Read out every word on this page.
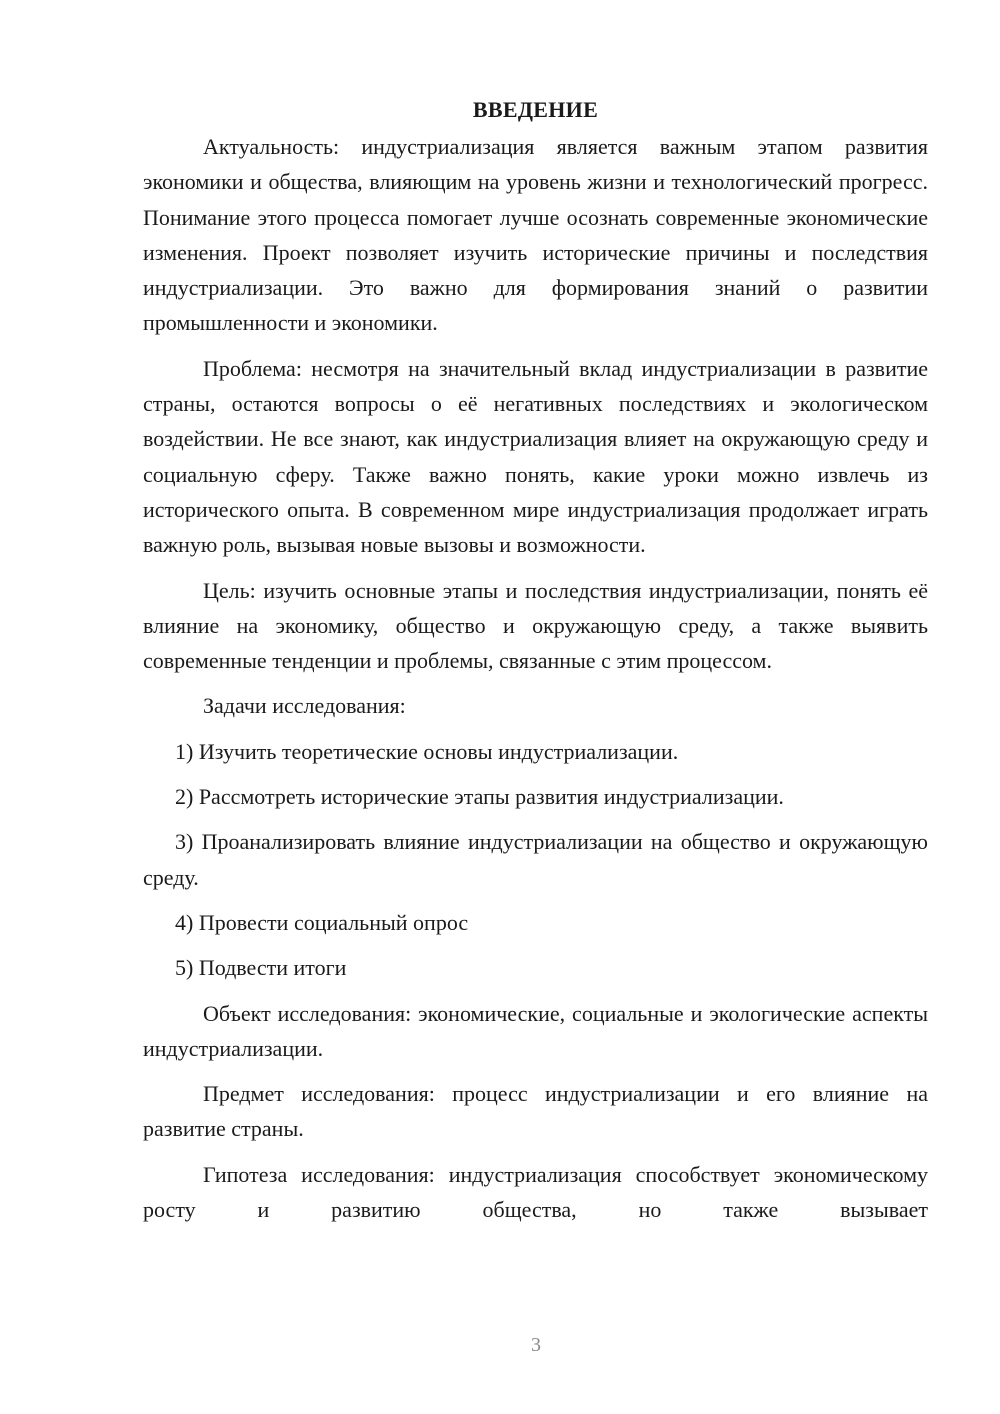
ВВЕДЕНИЕ

Актуальность: индустриализация является важным этапом развития экономики и общества, влияющим на уровень жизни и технологический прогресс. Понимание этого процесса помогает лучше осознать современные экономические изменения. Проект позволяет изучить исторические причины и последствия индустриализации. Это важно для формирования знаний о развитии промышленности и экономики.

Проблема: несмотря на значительный вклад индустриализации в развитие страны, остаются вопросы о её негативных последствиях и экологическом воздействии. Не все знают, как индустриализация влияет на окружающую среду и социальную сферу. Также важно понять, какие уроки можно извлечь из исторического опыта. В современном мире индустриализация продолжает играть важную роль, вызывая новые вызовы и возможности.

Цель: изучить основные этапы и последствия индустриализации, понять её влияние на экономику, общество и окружающую среду, а также выявить современные тенденции и проблемы, связанные с этим процессом.

Задачи исследования:

1) Изучить теоретические основы индустриализации.

2) Рассмотреть исторические этапы развития индустриализации.

3) Проанализировать влияние индустриализации на общество и окружающую среду.

4) Провести социальный опрос

5) Подвести итоги

Объект исследования: экономические, социальные и экологические аспекты индустриализации.

Предмет исследования: процесс индустриализации и его влияние на развитие страны.

Гипотеза исследования: индустриализация способствует экономическому росту и развитию общества, но также вызывает

3
